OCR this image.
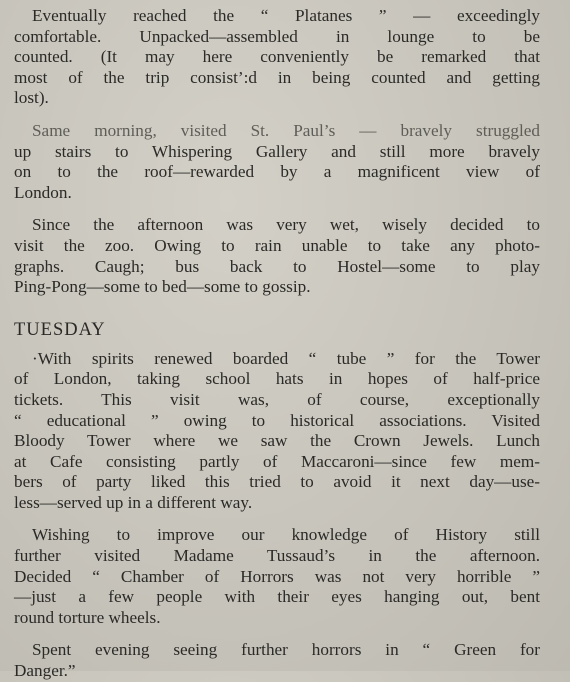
Eventually reached the “ Platanes ” — exceedingly
comfortable. Unpacked—assembled in lounge to be
counted. (It may here conveniently be remarked that
most of the trip consist’:d in being counted and getting
lost).

Same morning, visited St. Paul’s — bravely struggled
up stairs to Whispering Gallery and still more bravely
on to the roof—rewarded by a magnificent view of
London.

Since the afternoon was very wet, wisely decided to
visit the zoo. Owing to rain unable to take any photo-
graphs. Caugh; bus back to Hostel—some to play
Ping-Pong—some to bed—some to gossip.

TUESDAY

·With spirits renewed boarded “ tube ” for the Tower
of London, taking school hats in hopes of half-price
tickets. This visit was, of course, exceptionally
“ educational ” owing to historical associations. Visited
Bloody Tower where we saw the Crown Jewels. Lunch
at Cafe consisting partly of Maccaroni—since few mem-
bers of party liked this tried to avoid it next day—use-
less—served up in a different way.

Wishing to improve our knowledge of History still
further visited Madame Tussaud’s in the afternoon.
Decided “ Chamber of Horrors was not very horrible ”
—just a few people with their eyes hanging out, bent
round torture wheels.

Spent evening seeing further horrors in “ Green for
Danger.”
